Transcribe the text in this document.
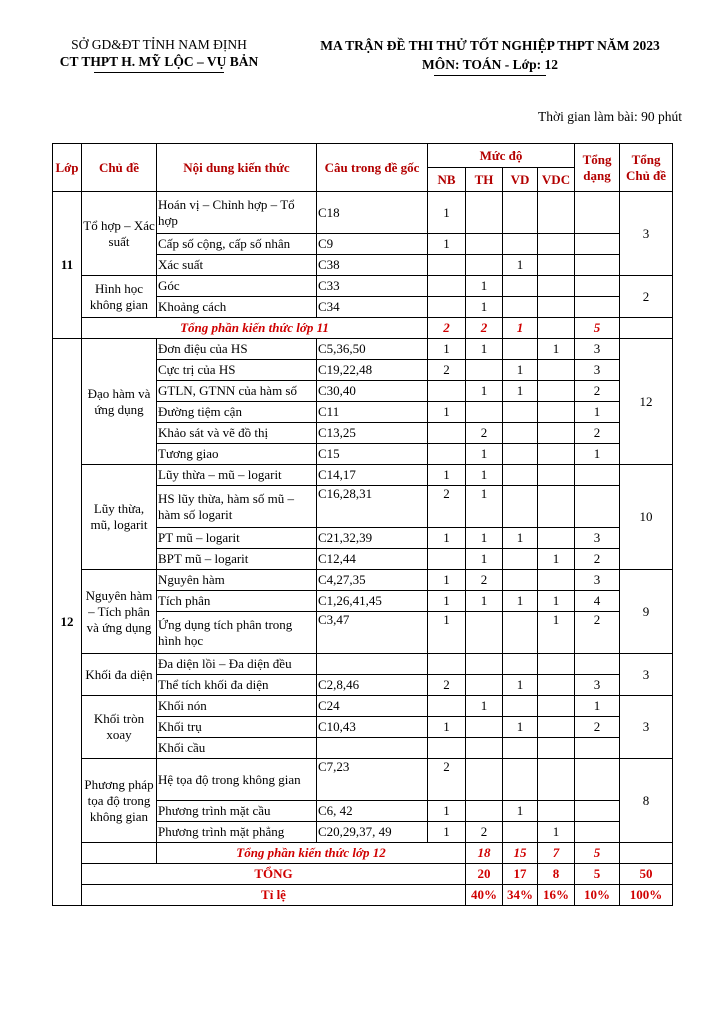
SỞ GD&ĐT TỈNH NAM ĐỊNH
CT THPT H. MỸ LỘC – VỤ BẢN
MA TRẬN ĐỀ THI THỬ TỐT NGHIỆP THPT NĂM 2023
MÔN: TOÁN - Lớp: 12
Thời gian làm bài: 90 phút
Lớp	Chủ đề	Nội dung kiến thức	Câu trong đề gốc	Mức độ				Tổng dạng	Tổng Chủ đề	
				NB	TH	VD	VDC			
11	Tổ hợp – Xác suất	Hoán vị – Chỉnh hợp – Tổ hợp	C18	1					3	
		Cấp số cộng, cấp số nhân	C9	1						
		Xác suất	C38			1				
	Hình học không gian	Góc	C33		1				2	
		Khoảng cách	C34		1					
	Tổng phần kiến thức lớp 11			2	2	1		5		
12	Đạo hàm và ứng dụng	Đơn điệu của HS	C5,36,50	1	1		1	3	12	
		Cực trị của HS	C19,22,48	2		1		3		
		GTLN, GTNN của hàm số	C30,40		1	1		2		
		Đường tiệm cận	C11	1				1		
		Khảo sát và vẽ đồ thị	C13,25		2			2		
		Tương giao	C15		1			1		
	Lũy thừa, mũ, logarit	Lũy thừa – mũ – logarit	C14,17	1	1				10	
		HS lũy thừa, hàm số mũ – hàm số logarit	C16,28,31	2	1					
		PT mũ – logarit	C21,32,39	1	1	1		3		
		BPT mũ – logarit	C12,44		1		1	2		
	Nguyên hàm – Tích phân và ứng dụng	Nguyên hàm	C4,27,35	1	2			3	9	
		Tích phân	C1,26,41,45	1	1	1	1	4		
		Ứng dụng tích phân trong hình học	C3,47	1			1	2		
	Khối đa diện	Đa diện lồi – Đa diện đều							3	
		Thể tích khối đa diện	C2,8,46	2		1		3		
	Khối tròn xoay	Khối nón	C24		1			1	3	
		Khối trụ	C10,43	1		1		2		
		Khối cầu								
	Phương pháp tọa độ trong không gian	Hệ tọa độ trong không gian	C7,23	2					8	
		Phương trình mặt cầu	C6, 42	1		1				
		Phương trình mặt phẳng	C20,29,37, 49	1	2		1			
		Tổng phần kiến thức lớp 12			18	15	7	5		
	TỔNG				20	17	8	5	50	
	Tỉ lệ				40%	34%	16%	10%	100%	
